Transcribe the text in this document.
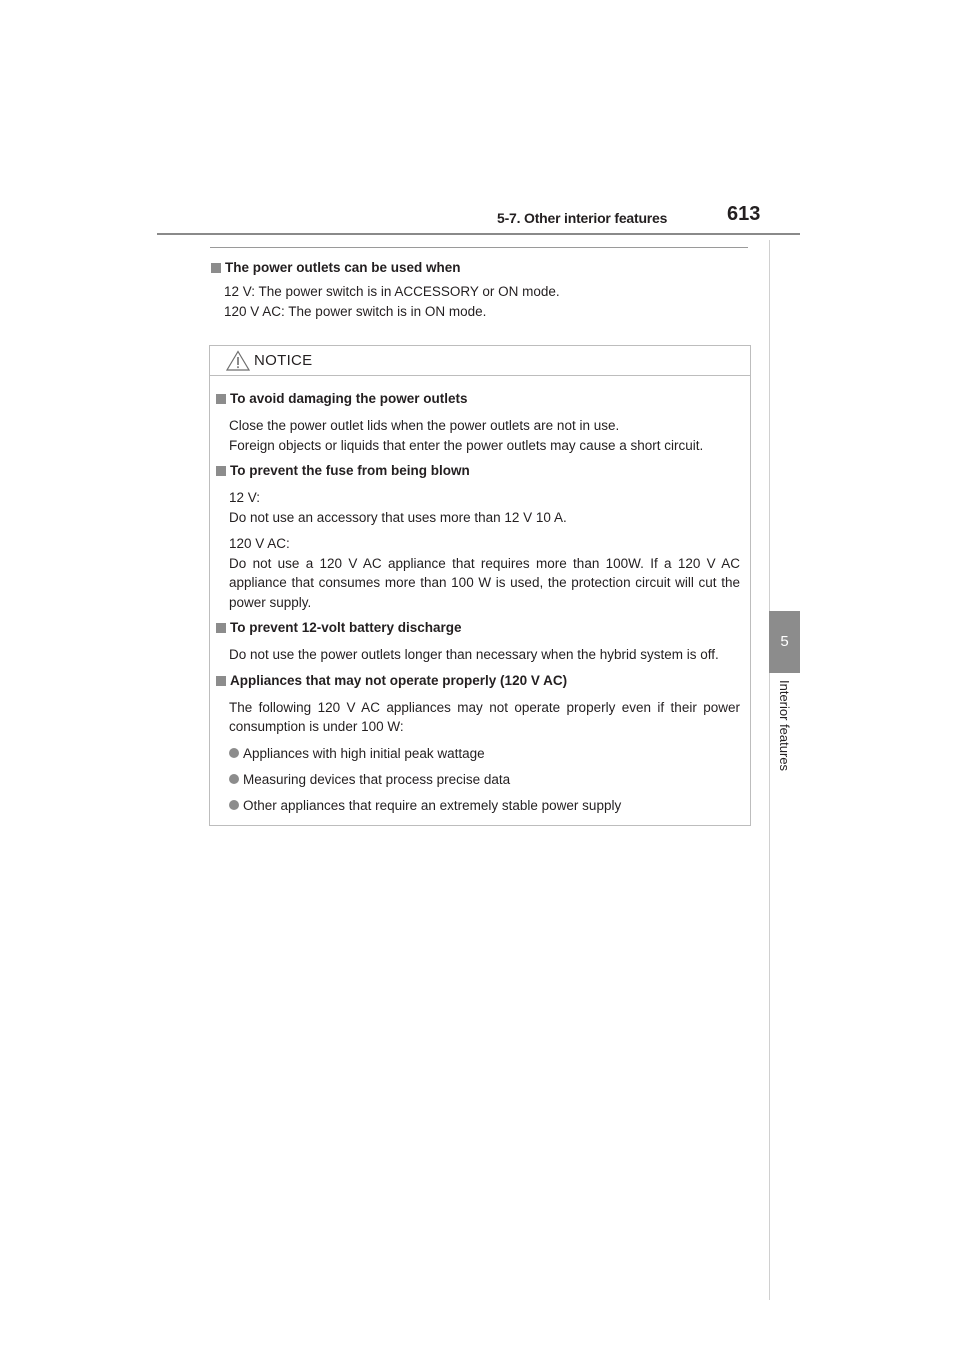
5-7. Other interior features	613
5
Interior features
The power outlets can be used when
12 V: The power switch is in ACCESSORY or ON mode.
120 V AC: The power switch is in ON mode.
NOTICE
To avoid damaging the power outlets
Close the power outlet lids when the power outlets are not in use.
Foreign objects or liquids that enter the power outlets may cause a short circuit.
To prevent the fuse from being blown
12 V:
Do not use an accessory that uses more than 12 V 10 A.
120 V AC:
Do not use a 120 V AC appliance that requires more than 100W. If a 120 V AC appliance that consumes more than 100 W is used, the protection circuit will cut the power supply.
To prevent 12-volt battery discharge
Do not use the power outlets longer than necessary when the hybrid system is off.
Appliances that may not operate properly (120 V AC)
The following 120 V AC appliances may not operate properly even if their power consumption is under 100 W:
Appliances with high initial peak wattage
Measuring devices that process precise data
Other appliances that require an extremely stable power supply
